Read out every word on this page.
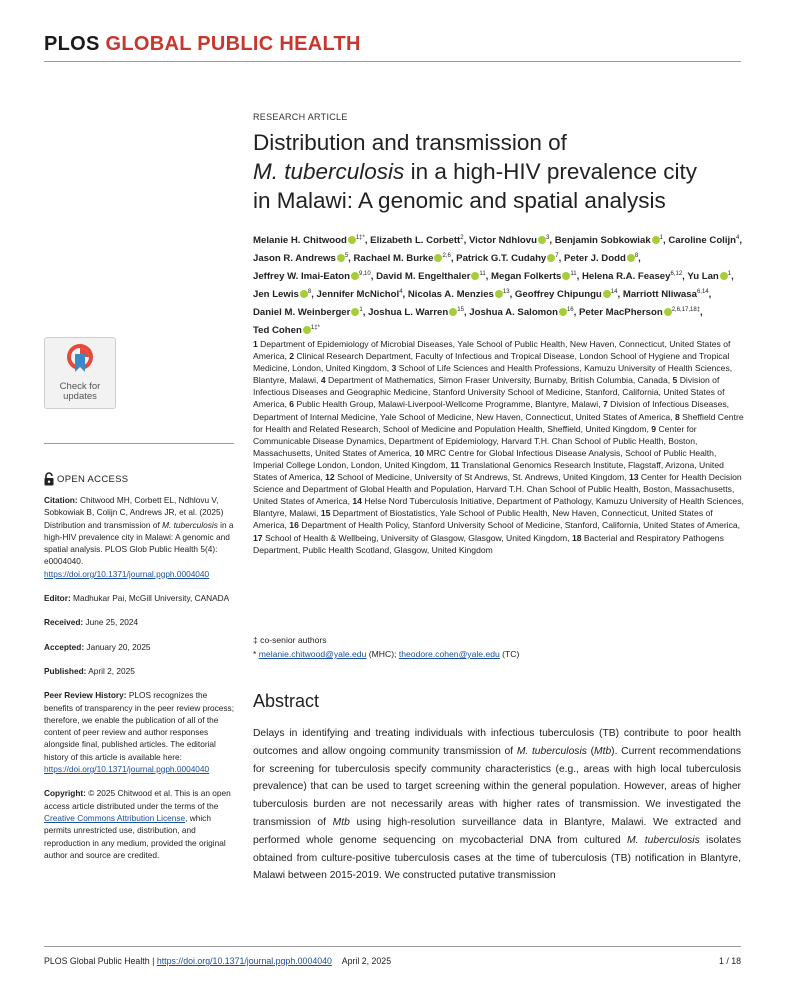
PLOS GLOBAL PUBLIC HEALTH
RESEARCH ARTICLE
Distribution and transmission of
M. tuberculosis in a high-HIV prevalence city
in Malawi: A genomic and spatial analysis
Melanie H. Chitwood $^{1\ddagger*}$, Elizabeth L. Corbett$^2$, Victor Ndhlovu $^3$, Benjamin Sobkowiak $^1$, Caroline Colijn$^4$, Jason R. Andrews $^5$, Rachael M. Burke $^{2,6}$, Patrick G.T. Cudahy $^7$, Peter J. Dodd $^8$, Jeffrey W. Imai-Eaton $^{9,10}$, David M. Engelthaler $^{11}$, Megan Folkerts $^{11}$, Helena R.A. Feasey$^{6,12}$, Yu Lan $^1$, Jen Lewis $^8$, Jennifer McNichol$^4$, Nicolas A. Menzies $^{13}$, Geoffrey Chipungu $^{14}$, Marriott Nliwasa$^{6,14}$, Daniel M. Weinberger $^1$, Joshua L. Warren $^{15}$, Joshua A. Salomon $^{16}$, Peter MacPherson $^{2,6,17,18\ddagger}$, Ted Cohen $^{1\ddagger*}$
1 Department of Epidemiology of Microbial Diseases, Yale School of Public Health, New Haven, Connecticut, United States of America, 2 Clinical Research Department, Faculty of Infectious and Tropical Disease, London School of Hygiene and Tropical Medicine, London, United Kingdom, 3 School of Life Sciences and Health Professions, Kamuzu University of Health Sciences, Blantyre, Malawi, 4 Department of Mathematics, Simon Fraser University, Burnaby, British Columbia, Canada, 5 Division of Infectious Diseases and Geographic Medicine, Stanford University School of Medicine, Stanford, California, United States of America, 6 Public Health Group, Malawi-Liverpool-Wellcome Programme, Blantyre, Malawi, 7 Division of Infectious Diseases, Department of Internal Medicine, Yale School of Medicine, New Haven, Connecticut, United States of America, 8 Sheffield Centre for Health and Related Research, School of Medicine and Population Health, Sheffield, United Kingdom, 9 Center for Communicable Disease Dynamics, Department of Epidemiology, Harvard T.H. Chan School of Public Health, Boston, Massachusetts, United States of America, 10 MRC Centre for Global Infectious Disease Analysis, School of Public Health, Imperial College London, London, United Kingdom, 11 Translational Genomics Research Institute, Flagstaff, Arizona, United States of America, 12 School of Medicine, University of St Andrews, St. Andrews, United Kingdom, 13 Center for Health Decision Science and Department of Global Health and Population, Harvard T.H. Chan School of Public Health, Boston, Massachusetts, United States of America, 14 Helse Nord Tuberculosis Initiative, Department of Pathology, Kamuzu University of Health Sciences, Blantyre, Malawi, 15 Department of Biostatistics, Yale School of Public Health, New Haven, Connecticut, United States of America, 16 Department of Health Policy, Stanford University School of Medicine, Stanford, California, United States of America, 17 School of Health & Wellbeing, University of Glasgow, Glasgow, United Kingdom, 18 Bacterial and Respiratory Pathogens Department, Public Health Scotland, Glasgow, United Kingdom
‡ co-senior authors
* melanie.chitwood@yale.edu (MHC); theodore.cohen@yale.edu (TC)
Check for
updates
OPEN ACCESS

Citation: Chitwood MH, Corbett EL, Ndhlovu V, Sobkowiak B, Colijn C, Andrews JR, et al. (2025) Distribution and transmission of M. tuberculosis in a high-HIV prevalence city in Malawi: A genomic and spatial analysis. PLOS Glob Public Health 5(4): e0004040. https://doi.org/10.1371/journal.pgph.0004040

Editor: Madhukar Pai, McGill University, CANADA

Received: June 25, 2024

Accepted: January 20, 2025

Published: April 2, 2025

Peer Review History: PLOS recognizes the benefits of transparency in the peer review process; therefore, we enable the publication of all of the content of peer review and author responses alongside final, published articles. The editorial history of this article is available here: https://doi.org/10.1371/journal.pgph.0004040

Copyright: © 2025 Chitwood et al. This is an open access article distributed under the terms of the Creative Commons Attribution License, which permits unrestricted use, distribution, and reproduction in any medium, provided the original author and source are credited.

Abstract
Delays in identifying and treating individuals with infectious tuberculosis (TB) contribute to poor health outcomes and allow ongoing community transmission of M. tuberculosis (Mtb). Current recommendations for screening for tuberculosis specify community characteristics (e.g., areas with high local tuberculosis prevalence) that can be used to target screening within the general population. However, areas of higher tuberculosis burden are not necessarily areas with higher rates of transmission. We investigated the transmission of Mtb using high-resolution surveillance data in Blantyre, Malawi. We extracted and performed whole genome sequencing on mycobacterial DNA from cultured M. tuberculosis isolates obtained from culture-positive tuberculosis cases at the time of tuberculosis (TB) notification in Blantyre, Malawi between 2015-2019. We constructed putative transmission
PLOS Global Public Health | https://doi.org/10.1371/journal.pgph.0004040 April 2, 2025	1 / 18
